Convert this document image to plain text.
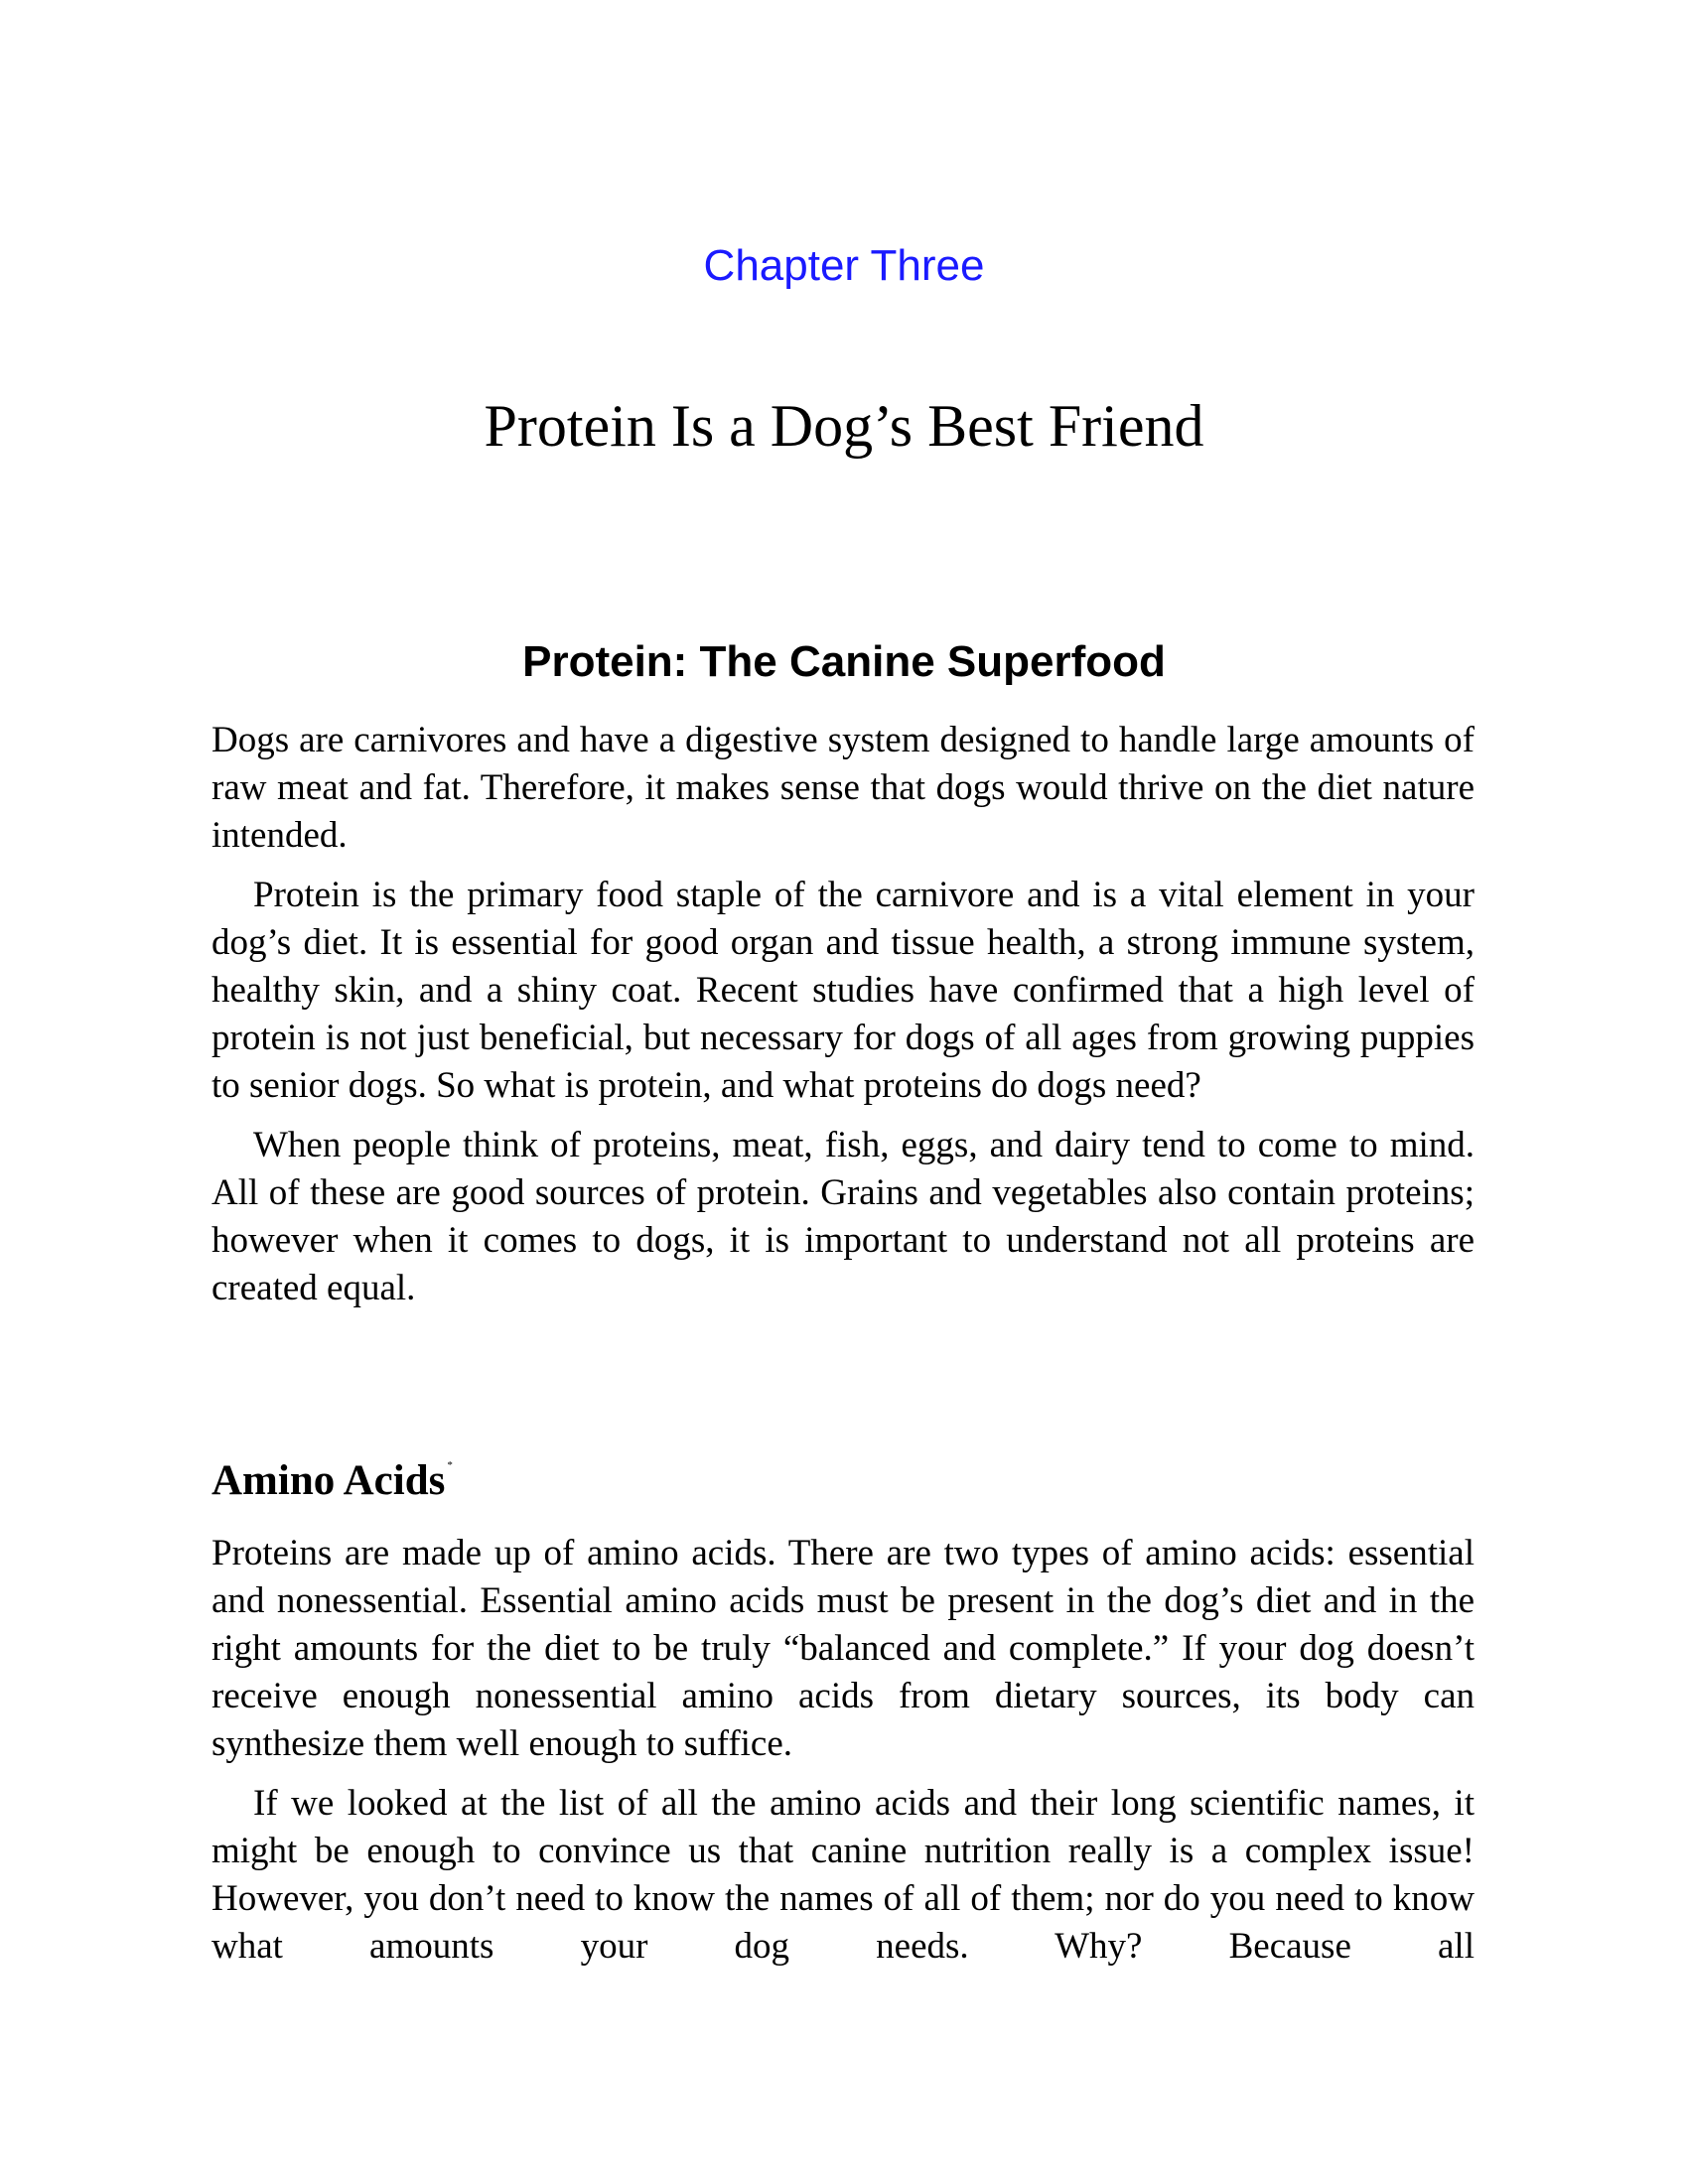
Chapter Three
Protein Is a Dog’s Best Friend
Protein: The Canine Superfood

Dogs are carnivores and have a digestive system designed to handle large amounts of raw meat and fat. Therefore, it makes sense that dogs would thrive on the diet nature intended.

Protein is the primary food staple of the carnivore and is a vital element in your dog’s diet. It is essential for good organ and tissue health, a strong immune system, healthy skin, and a shiny coat. Recent studies have confirmed that a high level of protein is not just beneficial, but necessary for dogs of all ages from growing puppies to senior dogs. So what is protein, and what proteins do dogs need?

When people think of proteins, meat, fish, eggs, and dairy tend to come to mind. All of these are good sources of protein. Grains and vegetables also contain proteins; however when it comes to dogs, it is important to understand not all proteins are created equal.

Amino Acids *

Proteins are made up of amino acids. There are two types of amino acids: essential and nonessential. Essential amino acids must be present in the dog’s diet and in the right amounts for the diet to be truly “balanced and complete.” If your dog doesn’t receive enough nonessential amino acids from dietary sources, its body can synthesize them well enough to suffice.

If we looked at the list of all the amino acids and their long scientific names, it might be enough to convince us that canine nutrition really is a complex issue! However, you don’t need to know the names of all of them; nor do you need to know what amounts your dog needs. Why? Because all
